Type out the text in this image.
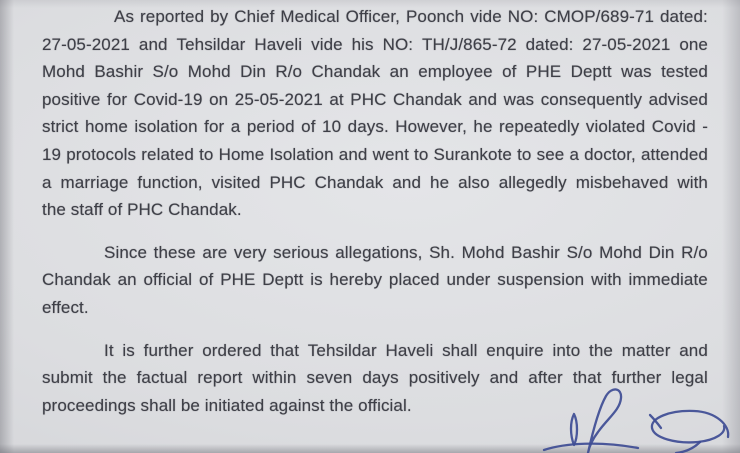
As reported by Chief Medical Officer, Poonch vide NO: CMOP/689-71 dated:
27-05-2021 and Tehsildar Haveli vide his NO: TH/J/865-72 dated: 27-05-2021 one
Mohd Bashir S/o Mohd Din R/o Chandak an employee of PHE Deptt was tested
positive for Covid-19 on 25-05-2021 at PHC Chandak and was consequently advised
strict home isolation for a period of 10 days. However, he repeatedly violated Covid -
19 protocols related to Home Isolation and went to Surankote to see a doctor, attended
a marriage function, visited PHC Chandak and he also allegedly misbehaved with
the staff of PHC Chandak.
Since these are very serious allegations, Sh. Mohd Bashir S/o Mohd Din R/o
Chandak an official of PHE Deptt is hereby placed under suspension with immediate
effect.
It is further ordered that Tehsildar Haveli shall enquire into the matter and
submit the factual report within seven days positively and after that further legal
proceedings shall be initiated against the official.
